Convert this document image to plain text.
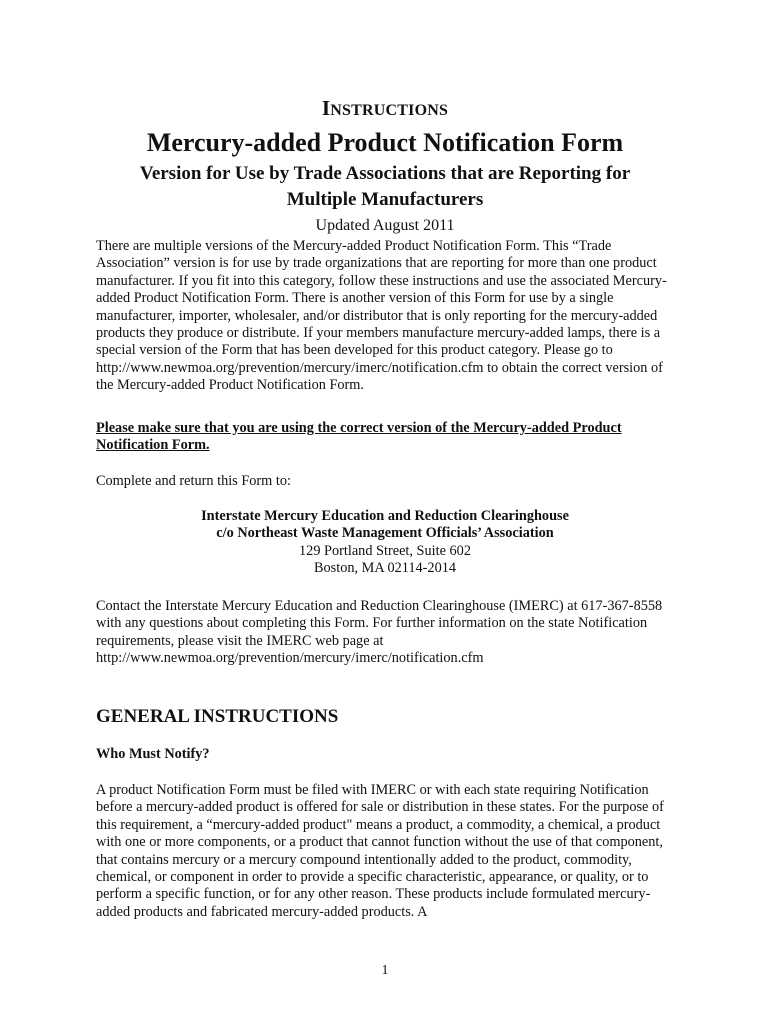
INSTRUCTIONS
Mercury-added Product Notification Form
Version for Use by Trade Associations that are Reporting for Multiple Manufacturers
Updated August 2011
There are multiple versions of the Mercury-added Product Notification Form. This “Trade Association” version is for use by trade organizations that are reporting for more than one product manufacturer. If you fit into this category, follow these instructions and use the associated Mercury-added Product Notification Form. There is another version of this Form for use by a single manufacturer, importer, wholesaler, and/or distributor that is only reporting for the mercury-added products they produce or distribute. If your members manufacture mercury-added lamps, there is a special version of the Form that has been developed for this product category. Please go to http://www.newmoa.org/prevention/mercury/imerc/notification.cfm to obtain the correct version of the Mercury-added Product Notification Form.
Please make sure that you are using the correct version of the Mercury-added Product Notification Form.
Complete and return this Form to:
Interstate Mercury Education and Reduction Clearinghouse
c/o Northeast Waste Management Officials’ Association
129 Portland Street, Suite 602
Boston, MA 02114-2014
Contact the Interstate Mercury Education and Reduction Clearinghouse (IMERC) at 617-367-8558 with any questions about completing this Form. For further information on the state Notification requirements, please visit the IMERC web page at http://www.newmoa.org/prevention/mercury/imerc/notification.cfm
GENERAL INSTRUCTIONS
Who Must Notify?
A product Notification Form must be filed with IMERC or with each state requiring Notification before a mercury-added product is offered for sale or distribution in these states. For the purpose of this requirement, a “mercury-added product" means a product, a commodity, a chemical, a product with one or more components, or a product that cannot function without the use of that component, that contains mercury or a mercury compound intentionally added to the product, commodity, chemical, or component in order to provide a specific characteristic, appearance, or quality, or to perform a specific function, or for any other reason. These products include formulated mercury-added products and fabricated mercury-added products. A
1
